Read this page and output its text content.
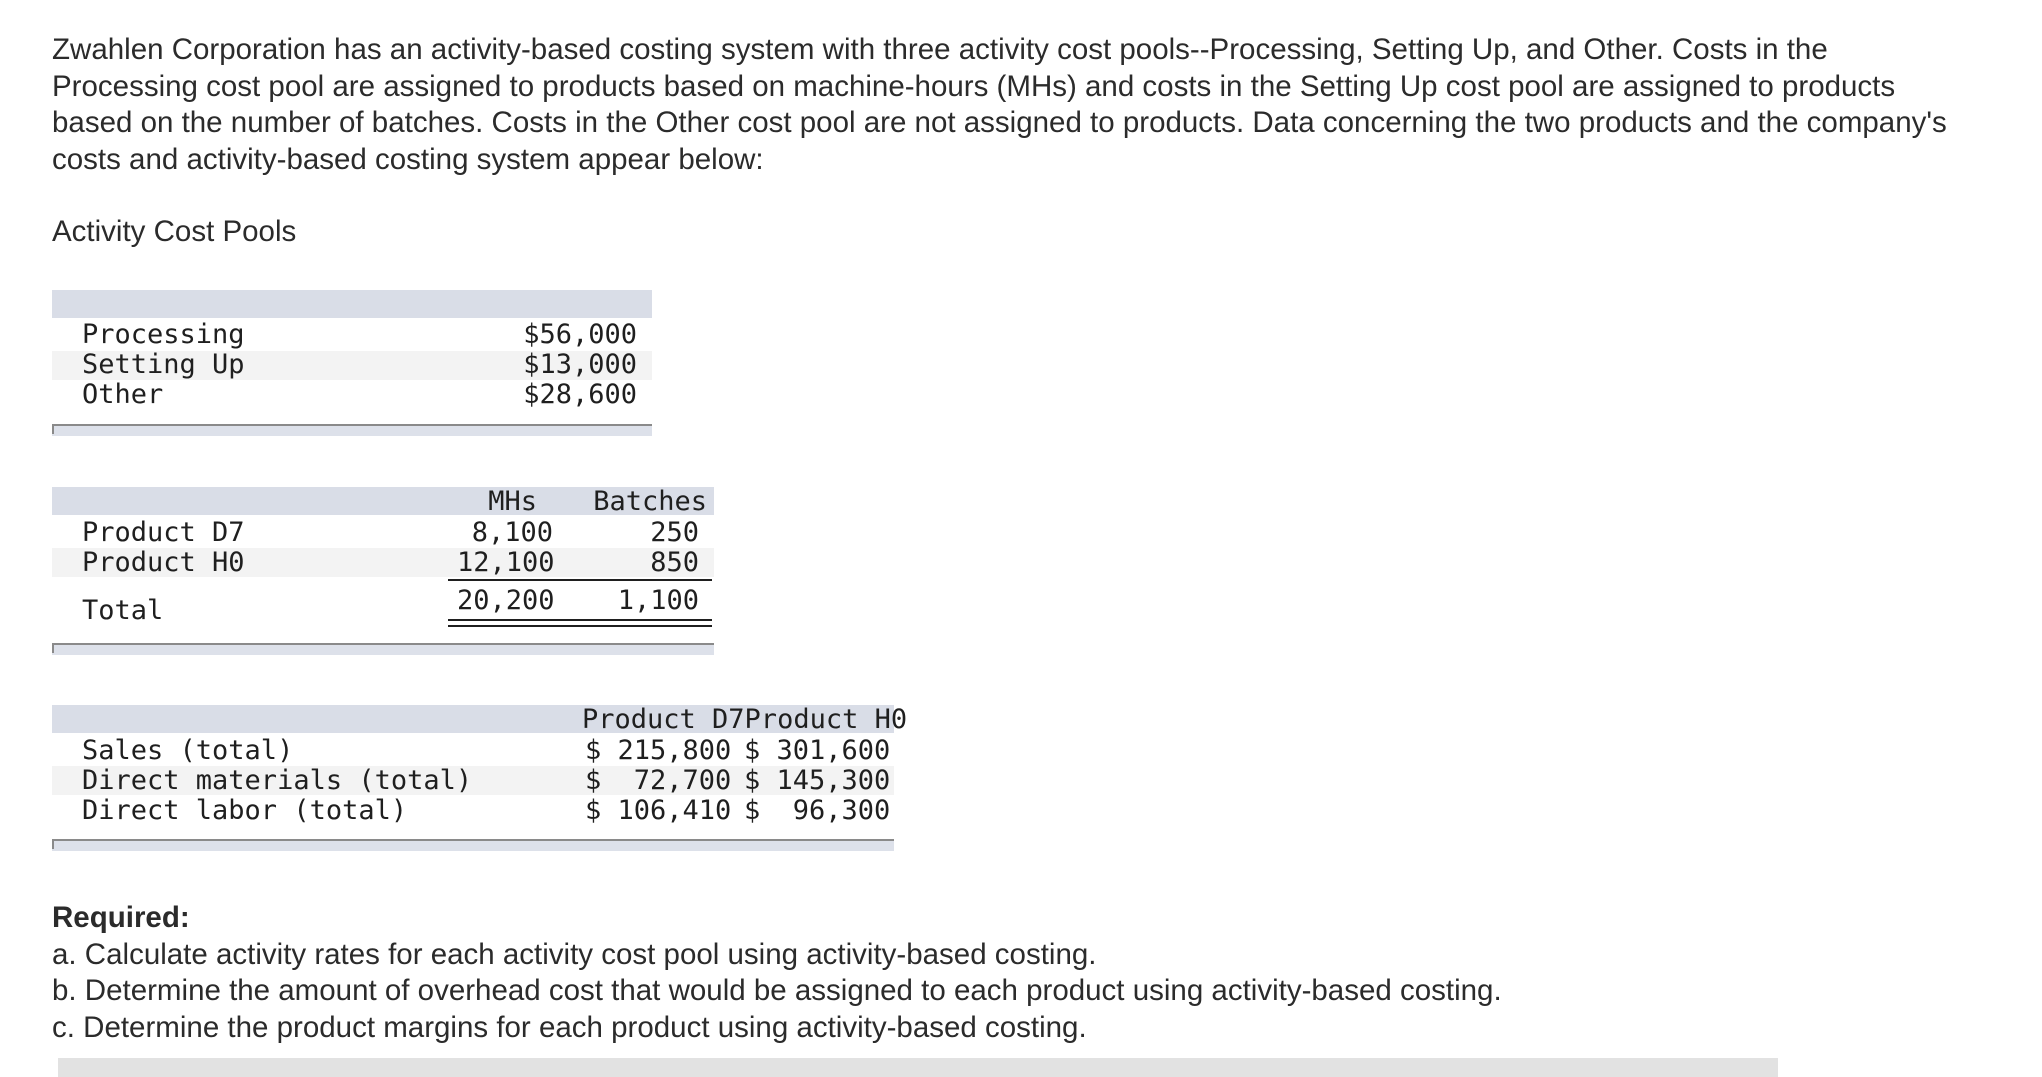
Zwahlen Corporation has an activity-based costing system with three activity cost pools--Processing, Setting Up, and Other. Costs in the Processing cost pool are assigned to products based on machine-hours (MHs) and costs in the Setting Up cost pool are assigned to products based on the number of batches. Costs in the Other cost pool are not assigned to products. Data concerning the two products and the company's costs and activity-based costing system appear below:

Activity Cost Pools

Processing	$56,000
Setting Up	$13,000
Other	$28,600
MHs Batches
Product D7	8,100	250
Product H0	12,100	850
Total	20,200	1,100
Product D7Product H0
Sales (total)	$ 215,800 $ 301,600
Direct materials (total)	$  72,700 $ 145,300
Direct labor (total)	$ 106,410 $  96,300
Required:
a. Calculate activity rates for each activity cost pool using activity-based costing.
b. Determine the amount of overhead cost that would be assigned to each product using activity-based costing.
c. Determine the product margins for each product using activity-based costing.
